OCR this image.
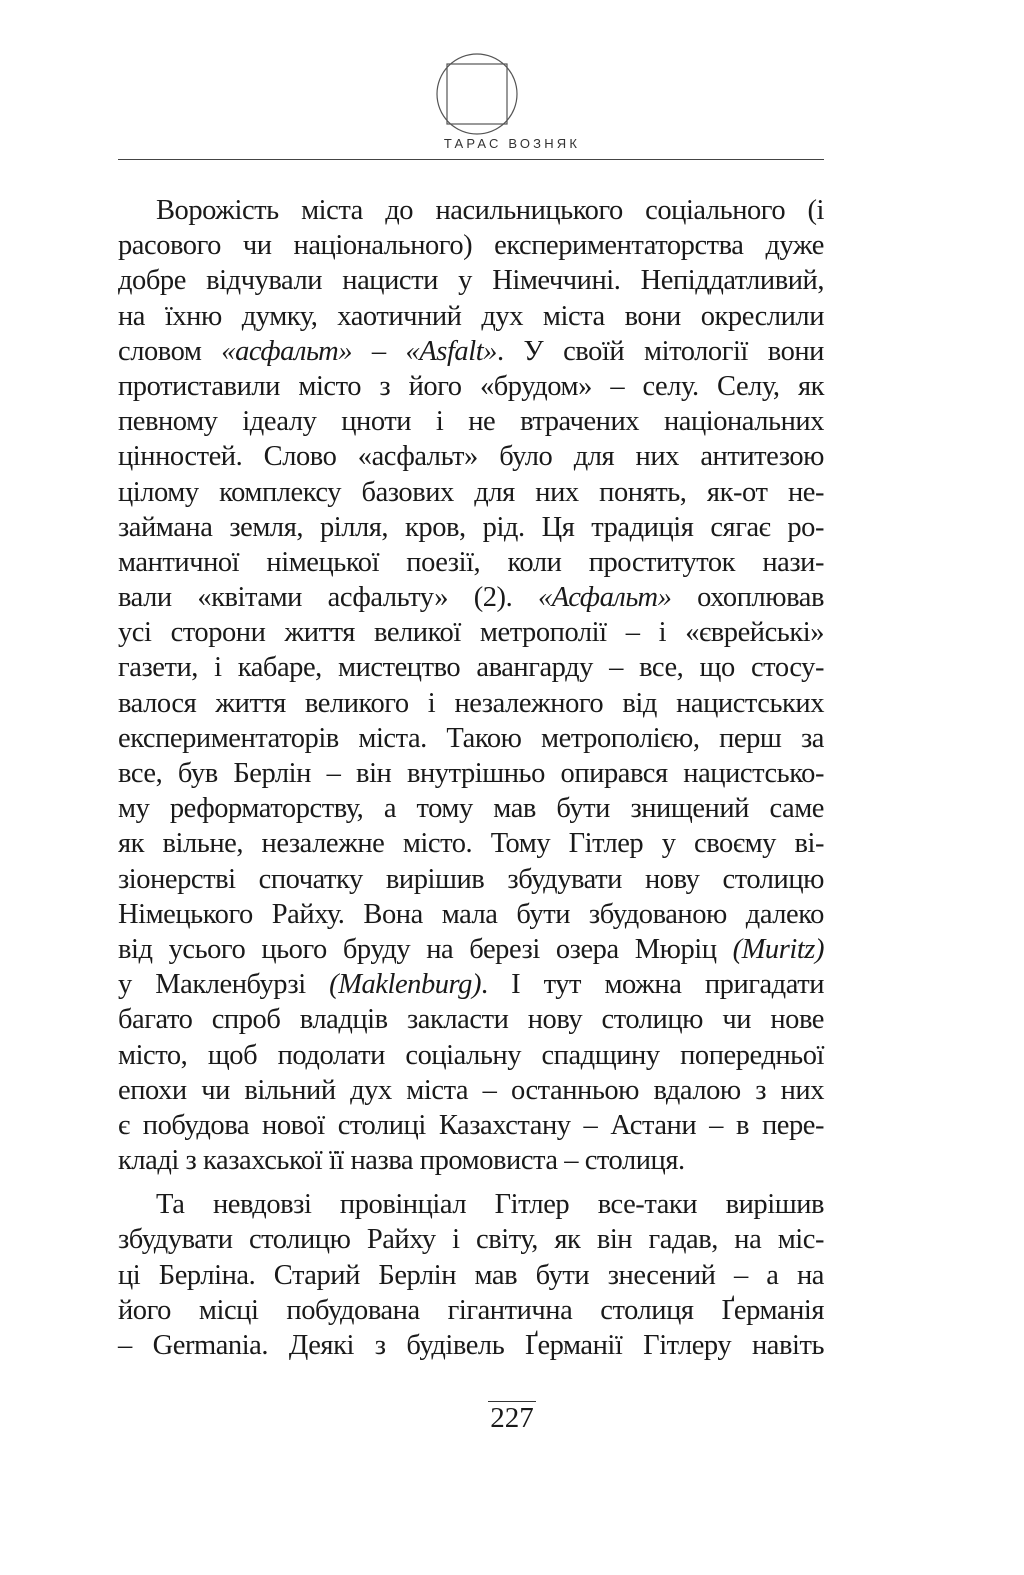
ТАРАС ВОЗНЯК
Ворожість міста до насильницького соціального (і
расового чи національного) експериментаторства дуже
добре відчували нацисти у Німеччині. Непіддатливий,
на їхню думку, хаотичний дух міста вони окреслили
словом «асфальт» – «Asfalt». У своїй мітології вони
протиставили місто з його «брудом» – селу. Селу, як
певному ідеалу цноти і не втрачених національних
цінностей. Слово «асфальт» було для них антитезою
цілому комплексу базових для них понять, як-от не-
займана земля, рілля, кров, рід. Ця традиція сягає ро-
мантичної німецької поезії, коли проституток нази-
вали «квітами асфальту» (2). «Асфальт» охоплював
усі сторони життя великої метрополії – і «єврейські»
газети, і кабаре, мистецтво авангарду – все, що стосу-
валося життя великого і незалежного від нацистських
експериментаторів міста. Такою метрополією, перш за
все, був Берлін – він внутрішньо опирався нацистсько-
му реформаторству, а тому мав бути знищений саме
як вільне, незалежне місто. Тому Гітлер у своєму ві-
зіонерстві спочатку вирішив збудувати нову столицю
Німецького Райху. Вона мала бути збудованою далеко
від усього цього бруду на березі озера Мюріц (Muritz)
у Макленбурзі (Maklenburg). І тут можна пригадати
багато спроб владців закласти нову столицю чи нове
місто, щоб подолати соціальну спадщину попередньої
епохи чи вільний дух міста – останньою вдалою з них
є побудова нової столиці Казахстану – Астани – в пере-
кладі з казахської її назва промовиста – столиця.
Та невдовзі провінціал Гітлер все-таки вирішив
збудувати столицю Райху і світу, як він гадав, на міс-
ці Берліна. Старий Берлін мав бути знесений – а на
його місці побудована гігантична столиця Ґерманія
– Germania. Деякі з будівель Ґерманії Гітлеру навіть
227
